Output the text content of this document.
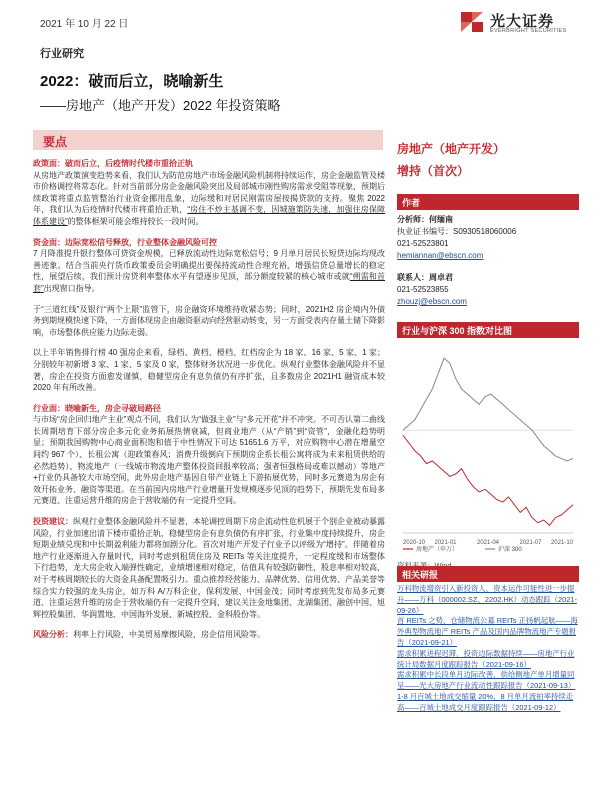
2021 年 10 月 22 日	光大证券
EVERBRIGHT SECURITIES
行业研究
2022：破而后立，晓喻新生
——房地产（地产开发）2022 年投资策略
要点

政策面：破而后立，后疫情时代楼市重拾正轨
从房地产政策演变趋势来看，我们认为防范房地产市场金融风险机制将持续运作，房企金融监管及楼市价格调控将常态化。针对当前部分房企金融风险突出及局部城市刚性购房需求受阻等现象，预期后续政策将重点监管整治行业资金挪用乱象，边际缓和对居民刚需房屋按揭贷款的支持。聚焦 2022 年，我们认为后疫情时代楼市将重拾正轨，“房住不炒主基调不变，因城施策防失速，加强住房保障体系建设”的整体框架可能会维持较长一段时间。

资金面：边际宽松信号释放，行业整体金融风险可控
7 月降准提升银行整体可贷资金规模，已释放流动性边际宽松信号；9 月单月居民长短贷边际均现改善迹象。结合当前央行货币政策委员会明确提出要保持流动性合理充裕，增强信贷总量增长的稳定性，展望后续，我们预计房贷利率整体水平有望逐步见顶，部分额度较紧的核心城市或就“朔需和首套”出现窗口指导。

于“三道红线”及银行“两个上限”监管下，房企融资环境维持收紧态势；同时，2021H2 房企境内外债务到期规模快速下降，一方面体现房企由融资驱动向经营驱动转变，另一方面受表内存量土储下降影响，市场整体供应能力边际走弱。

以上半年销售排行榜 40 强房企来看，绿档、黄档、橙档、红档房企为 18 家、16 家、5 家、1 家；分别较年初新增 3 家、1 家、5 家及 0 家，整体财务状况进一步优化。纵观行业整体金融风险并不显著，房企在投资方面愈发谨慎，稳健型房企有息负债仍有序扩张，且多数房企 2021H1 融资成本较 2020 年有所改善。

行业面：晓喻新生，房企寻破局路径
与市场“房企回归地产主业”观点不同，我们认为“做强主业”与“多元开花”并不冲突。不可否认第二曲线长周期培育下部分房企多元化业务拓展热情衰减，但商业地产（从“产销”到“资管”，金融化趋势明显；预期我国购物中心商业面积饱和值于中性情况下可达 51651.6 万平，对应购物中心潜在增量空间约 967 个）、长租公寓（迎政策春风；消费升级倒向下预期房企系长租公寓将成为未来租赁供给的必然趋势）、物流地产（一线城市物流地产整体投资回报率较高；强者恒强格局或难以撼动）等地产+行业仍具备较大市场空间，此外房企地产基因自带产业链上下游拓展优势，同时多元赛道为房企有效开拓业务、融资等渠道。在当前国内房地产行业增量开发规模逐步见顶的趋势下，预期先发布局多元赛道、注重运营升维的房企于营收端仍有一定提升空间。

投资建议：纵观行业整体金融风险并不显著，本轮调控周期下房企流动性危机展于个别企业被动暴露风险，行业加速出清下楼市重拾正轨，稳健型房企有息负债仍有序扩张，行业集中度持续提升，房企短期业绩兑现和中长期盈利能力都将加剧分化。首次对地产开发子行业予以评级为“增持”。伴随着房地产行业逐渐进入存量时代，同时考虑到租赁住房及 REITs 等关注度提升，一定程度缓和市场整体下行趋势，龙大房企收入端弹性确定，业绩增速相对稳定，估值具有较强防御性，股息率相对较高，对于考核周期较长的大资金具备配置吸引力。重点推荐经营能力、品牌优势、信用优势、产品美誉等综合实力较强的龙头房企，如万科 A/万科企业，保利发展、中国金茂；同时考虑到先发布局多元赛道、注重运营升维的房企于营收端仍有一定提升空间，建议关注金地集团、龙湖集团、融创中国、旭辉控股集团、华润置地、中国海外发展、新城控股、金科股份等。

风险分析：利率上行风险，中美贸易摩擦风险，房企信用风险等。

房地产（地产开发）
增持（首次）
作者
分析师：何缅南
执业证书编号：S0930518060006
021-52523801
hemiannan@ebscn.com
联系人：周卓君
021-52523855
zhouzj@ebscn.com
行业与沪深 300 指数对比图
2020-10 2021-01	2021-04	2021-07 2021-10
房地产（申万）	沪深 300
相关研报

万科物流增资引入新投资人，资本运作可能性进一步提升——万科（000002.SZ、2202.HK）动态跟踪（2021-09-26）

首 REITs 之势，仓储物流公募 REITs 正扬帆起航——海外典型物流地产 REITs 产品及国内品牌物流地产专题报告（2021-09-21）

需求积累进程迟滞，投资边际数据持续——房地产行业统计局数据月度跟踪报告（2021-09-16）

需求积累中长段单月边际改善，供给侧地产单月增量同呈——光大房地产行业流动性跟踪报告（2021-09-13）

1-8 月百城土地成交缩量 20%，8 月单月流拍率持续走高——百城土地成交月度跟踪报告（2021-09-12）
